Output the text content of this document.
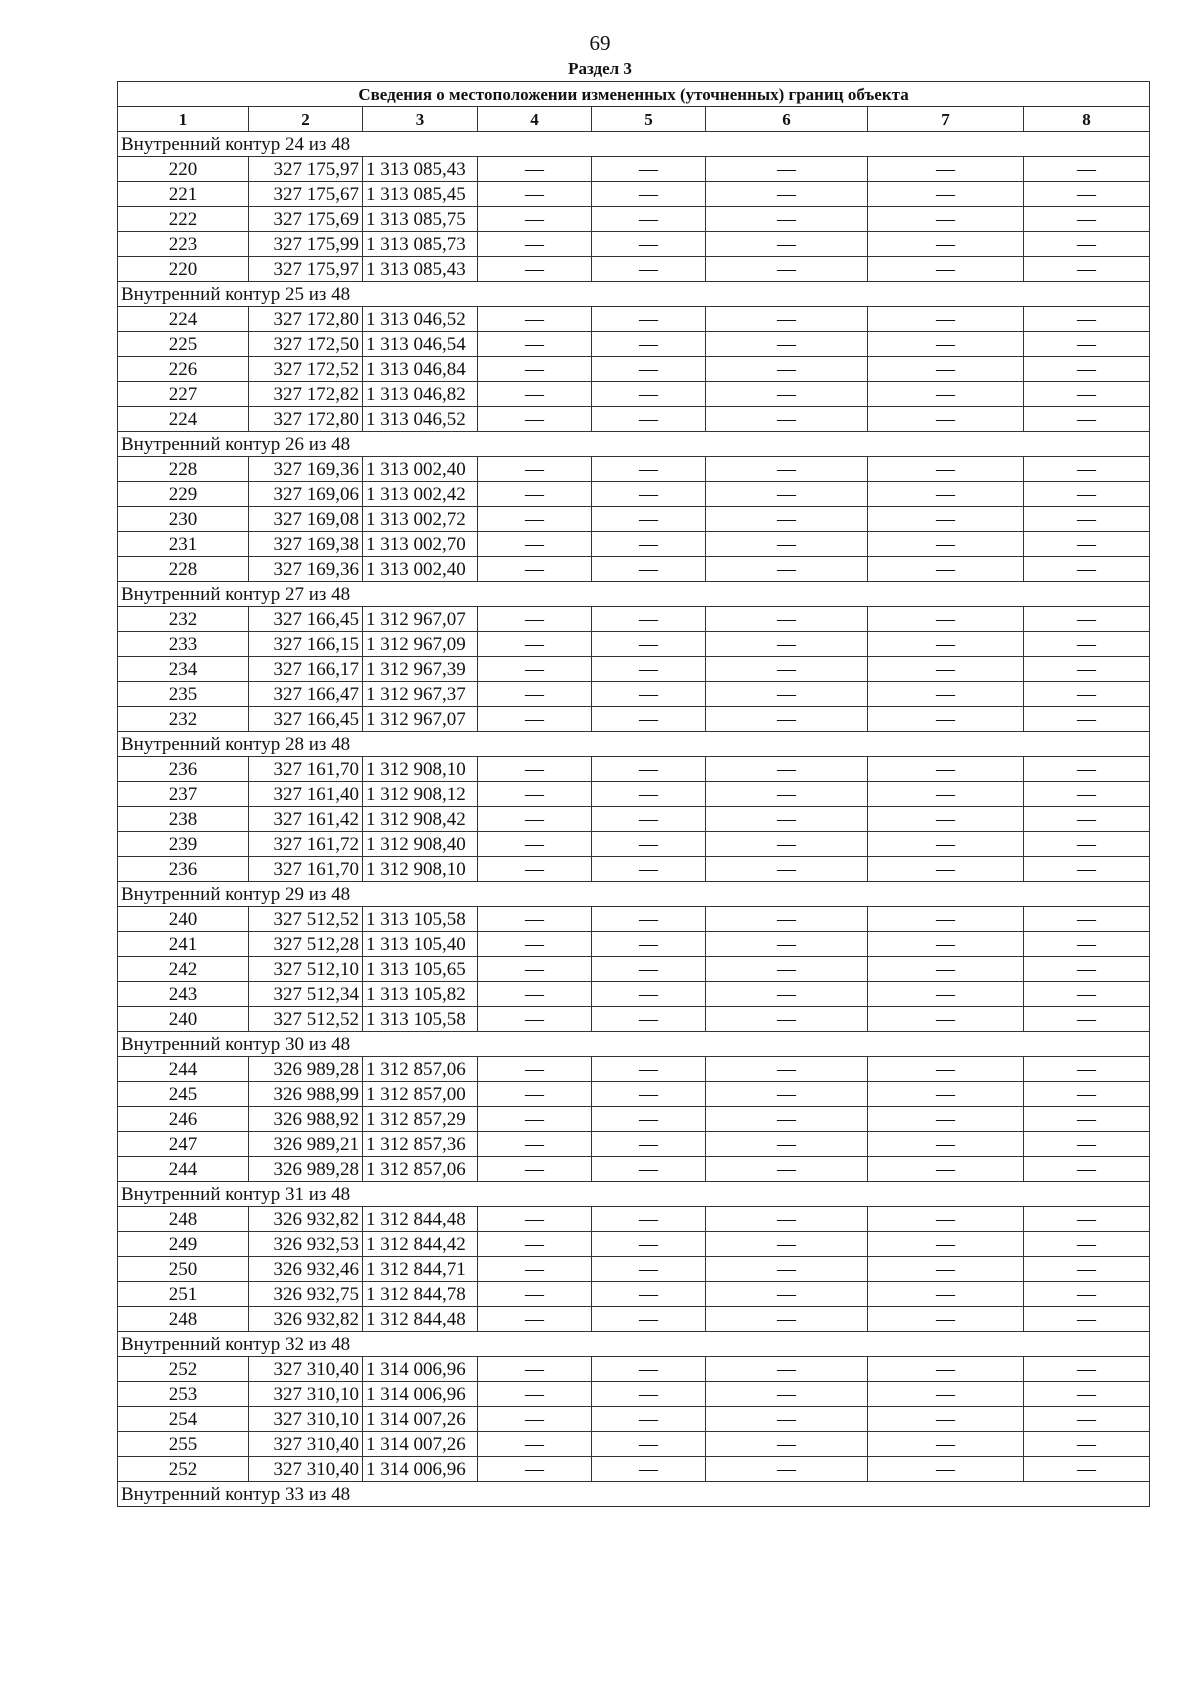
69
Раздел 3
Сведения о местоположении измененных (уточненных) границ объекта							
1	2	3	4	5	6	7	8
Внутренний контур 24 из 48							
220	327 175,97	1 313 085,43	—	—	—	—	—
221	327 175,67	1 313 085,45	—	—	—	—	—
222	327 175,69	1 313 085,75	—	—	—	—	—
223	327 175,99	1 313 085,73	—	—	—	—	—
220	327 175,97	1 313 085,43	—	—	—	—	—
Внутренний контур 25 из 48							
224	327 172,80	1 313 046,52	—	—	—	—	—
225	327 172,50	1 313 046,54	—	—	—	—	—
226	327 172,52	1 313 046,84	—	—	—	—	—
227	327 172,82	1 313 046,82	—	—	—	—	—
224	327 172,80	1 313 046,52	—	—	—	—	—
Внутренний контур 26 из 48							
228	327 169,36	1 313 002,40	—	—	—	—	—
229	327 169,06	1 313 002,42	—	—	—	—	—
230	327 169,08	1 313 002,72	—	—	—	—	—
231	327 169,38	1 313 002,70	—	—	—	—	—
228	327 169,36	1 313 002,40	—	—	—	—	—
Внутренний контур 27 из 48							
232	327 166,45	1 312 967,07	—	—	—	—	—
233	327 166,15	1 312 967,09	—	—	—	—	—
234	327 166,17	1 312 967,39	—	—	—	—	—
235	327 166,47	1 312 967,37	—	—	—	—	—
232	327 166,45	1 312 967,07	—	—	—	—	—
Внутренний контур 28 из 48							
236	327 161,70	1 312 908,10	—	—	—	—	—
237	327 161,40	1 312 908,12	—	—	—	—	—
238	327 161,42	1 312 908,42	—	—	—	—	—
239	327 161,72	1 312 908,40	—	—	—	—	—
236	327 161,70	1 312 908,10	—	—	—	—	—
Внутренний контур 29 из 48							
240	327 512,52	1 313 105,58	—	—	—	—	—
241	327 512,28	1 313 105,40	—	—	—	—	—
242	327 512,10	1 313 105,65	—	—	—	—	—
243	327 512,34	1 313 105,82	—	—	—	—	—
240	327 512,52	1 313 105,58	—	—	—	—	—
Внутренний контур 30 из 48							
244	326 989,28	1 312 857,06	—	—	—	—	—
245	326 988,99	1 312 857,00	—	—	—	—	—
246	326 988,92	1 312 857,29	—	—	—	—	—
247	326 989,21	1 312 857,36	—	—	—	—	—
244	326 989,28	1 312 857,06	—	—	—	—	—
Внутренний контур 31 из 48							
248	326 932,82	1 312 844,48	—	—	—	—	—
249	326 932,53	1 312 844,42	—	—	—	—	—
250	326 932,46	1 312 844,71	—	—	—	—	—
251	326 932,75	1 312 844,78	—	—	—	—	—
248	326 932,82	1 312 844,48	—	—	—	—	—
Внутренний контур 32 из 48							
252	327 310,40	1 314 006,96	—	—	—	—	—
253	327 310,10	1 314 006,96	—	—	—	—	—
254	327 310,10	1 314 007,26	—	—	—	—	—
255	327 310,40	1 314 007,26	—	—	—	—	—
252	327 310,40	1 314 006,96	—	—	—	—	—
Внутренний контур 33 из 48							
